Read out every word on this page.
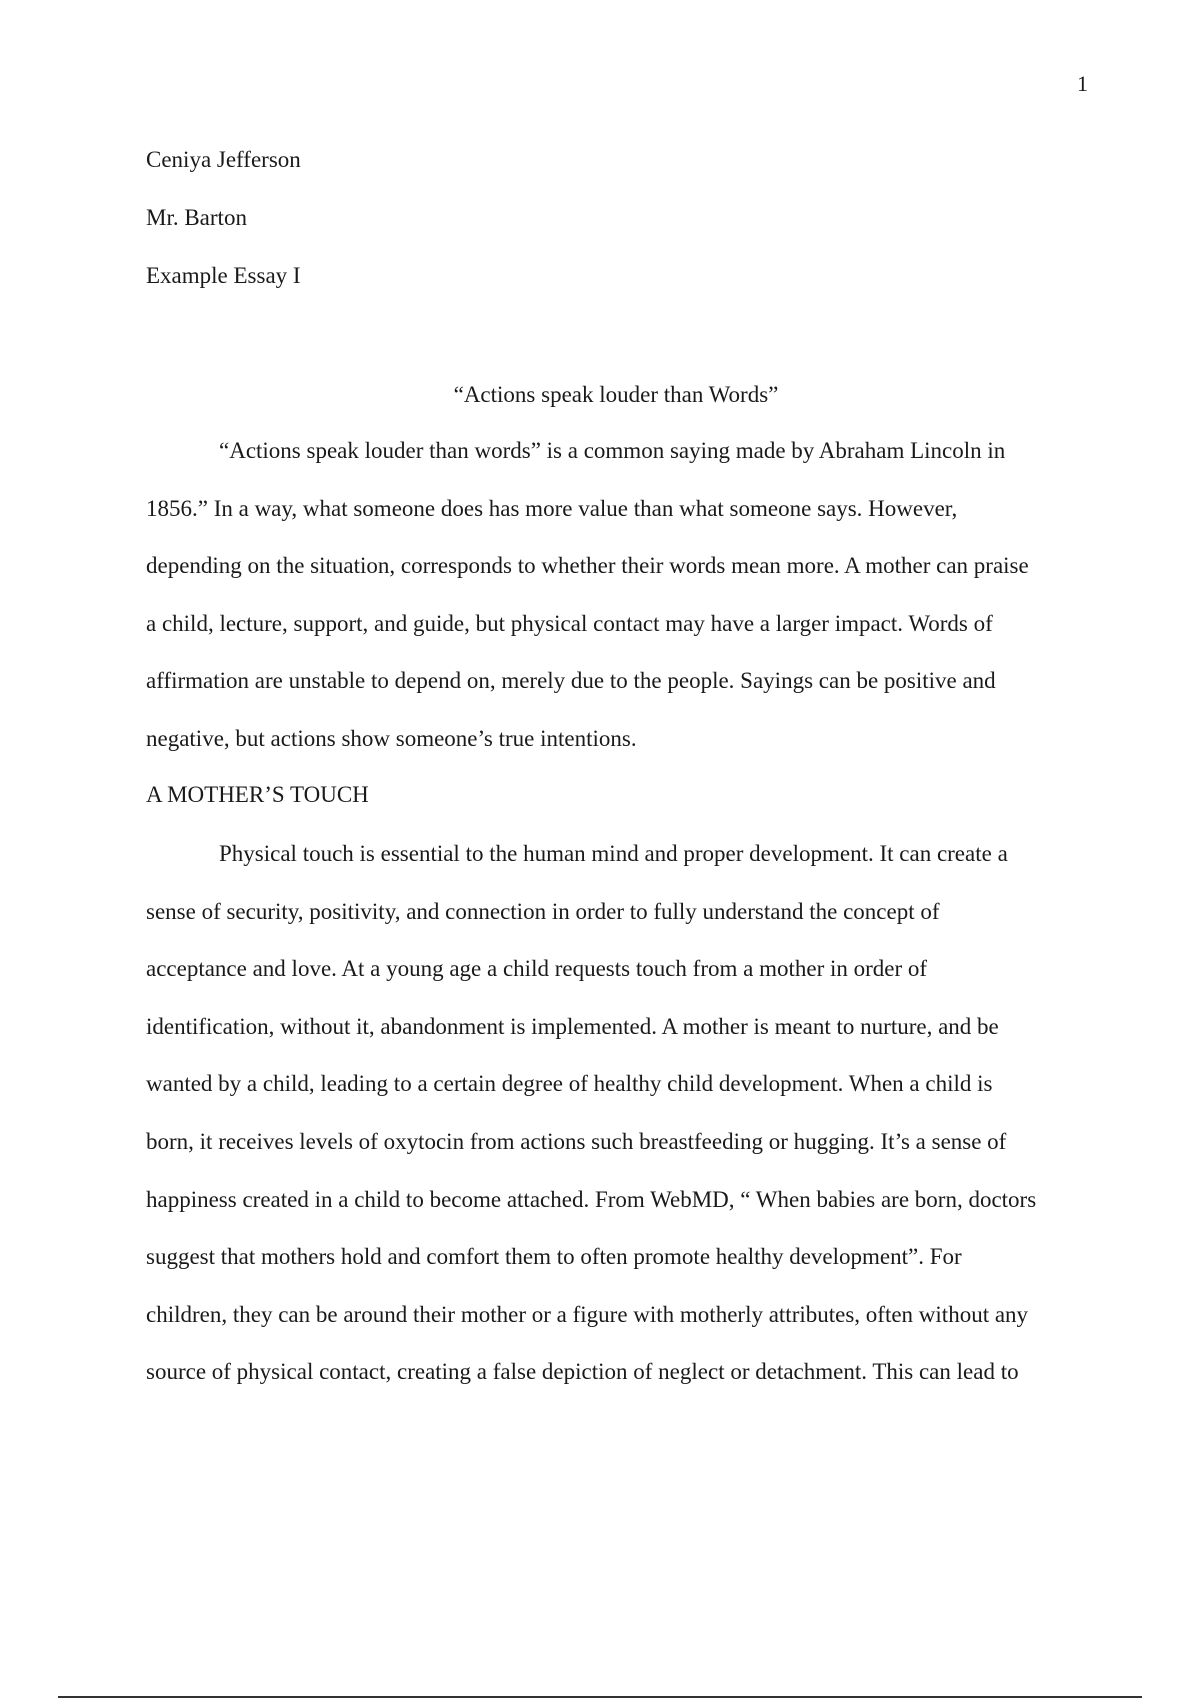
1
Ceniya Jefferson
Mr. Barton
Example Essay I
“Actions speak louder than Words”

“Actions speak louder than words” is a common saying made by Abraham Lincoln in
1856.” In a way, what someone does has more value than what someone says. However,
depending on the situation, corresponds to whether their words mean more. A mother can praise
a child, lecture, support, and guide, but physical contact may have a larger impact. Words of
affirmation are unstable to depend on, merely due to the people. Sayings can be positive and
negative, but actions show someone’s true intentions.

A MOTHER’S TOUCH

Physical touch is essential to the human mind and proper development. It can create a
sense of security, positivity, and connection in order to fully understand the concept of
acceptance and love. At a young age a child requests touch from a mother in order of
identification, without it, abandonment is implemented. A mother is meant to nurture, and be
wanted by a child, leading to a certain degree of healthy child development. When a child is
born, it receives levels of oxytocin from actions such breastfeeding or hugging. It’s a sense of
happiness created in a child to become attached. From WebMD, “ When babies are born, doctors
suggest that mothers hold and comfort them to often promote healthy development”. For
children, they can be around their mother or a figure with motherly attributes, often without any
source of physical contact, creating a false depiction of neglect or detachment. This can lead to
